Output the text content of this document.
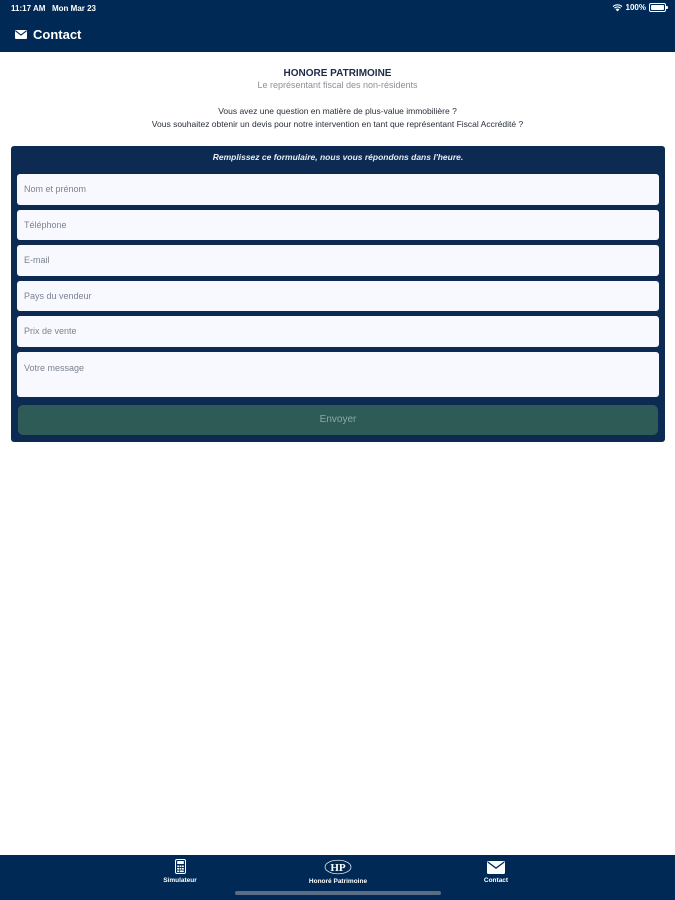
11:17 AM Mon Mar 23	100%
Contact
HONORE PATRIMOINE
Le représentant fiscal des non-résidents
Vous avez une question en matière de plus-value immobilière ?
Vous souhaitez obtenir un devis pour notre intervention en tant que représentant Fiscal Accrédité ?
Remplissez ce formulaire, nous vous répondons dans l'heure.
Nom et prénom
Téléphone
E-mail
Pays du vendeur
Prix de vente
Votre message
Envoyer
Simulateur
HP
Honoré Patrimoine	Contact
